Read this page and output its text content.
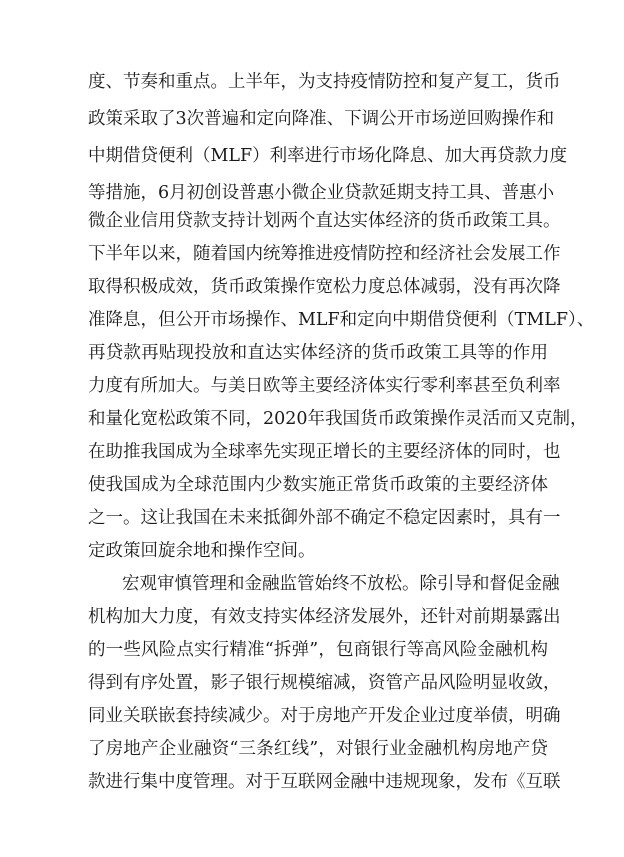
度、节奏和重点。上半年，为支持疫情防控和复产复工，货币
政策采取了3次普遍和定向降准、下调公开市场逆回购操作和
中期借贷便利（MLF）利率进行市场化降息、加大再贷款力度
等措施，6月初创设普惠小微企业贷款延期支持工具、普惠小
微企业信用贷款支持计划两个直达实体经济的货币政策工具。
下半年以来，随着国内统筹推进疫情防控和经济社会发展工作
取得积极成效，货币政策操作宽松力度总体减弱，没有再次降
准降息，但公开市场操作、MLF和定向中期借贷便利（TMLF）、
再贷款再贴现投放和直达实体经济的货币政策工具等的作用
力度有所加大。与美日欧等主要经济体实行零利率甚至负利率
和量化宽松政策不同，2020年我国货币政策操作灵活而又克制，
在助推我国成为全球率先实现正增长的主要经济体的同时，也
使我国成为全球范围内少数实施正常货币政策的主要经济体
之一。这让我国在未来抵御外部不确定不稳定因素时，具有一
定政策回旋余地和操作空间。
宏观审慎管理和金融监管始终不放松。除引导和督促金融
机构加大力度，有效支持实体经济发展外，还针对前期暴露出
的一些风险点实行精准“拆弹”，包商银行等高风险金融机构
得到有序处置，影子银行规模缩减，资管产品风险明显收敛，
同业关联嵌套持续减少。对于房地产开发企业过度举债，明确
了房地产企业融资“三条红线”，对银行业金融机构房地产贷
款进行集中度管理。对于互联网金融中违规现象，发布《互联
